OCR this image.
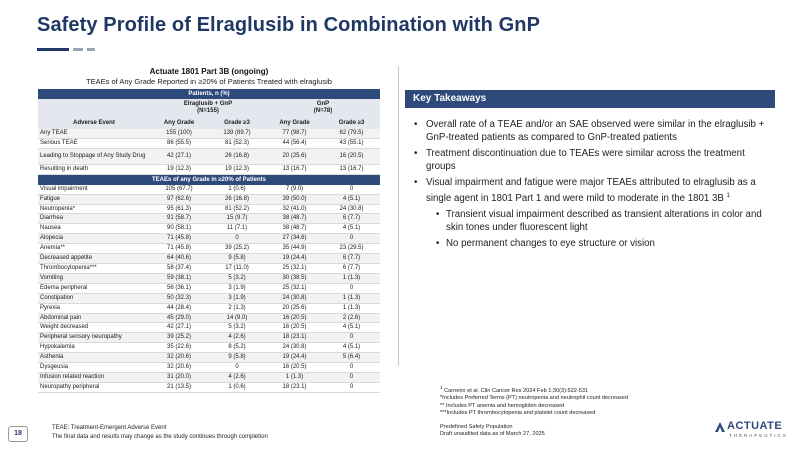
Safety Profile of Elraglusib in Combination with GnP
Actuate 1801 Part 3B (ongoing)
TEAEs of Any Grade Reported in ≥20% of Patients Treated with elraglusib
Patients, n (%)				
	Elraglusib + GnP
(N=155)		GnP
(N=78)	
Adverse Event	Any Grade	Grade ≥3	Any Grade	Grade ≥3
Any TEAE	155 (100)	139 (89.7)	77 (98.7)	62 (79.5)
Serious TEAE	86 (55.5)	81 (52.3)	44 (56.4)	43 (55.1)
Leading to Stoppage of Any Study Drug	42 (27.1)	26 (16.8)	20 (25.6)	16 (20.5)
Resulting in death	19 (12.3)	19 (12.3)	13 (16.7)	13 (16.7)
TEAEs of any Grade in ≥20% of Patients				
Visual impairment	105 (67.7)	1 (0.6)	7 (9.0)	0
Fatigue	97 (62.6)	26 (16.8)	39 (50.0)	4 (5.1)
Neutropenia*	95 (61.3)	81 (52.2)	32 (41.0)	24 (30.8)
Diarrhea	91 (58.7)	15 (9.7)	38 (48.7)	6 (7.7)
Nausea	90 (58.1)	11 (7.1)	38 (48.7)	4 (5.1)
Alopecia	71 (45.8)	0	27 (34.6)	0
Anemia**	71 (45.8)	39 (25.2)	35 (44.9)	23 (29.5)
Decreased appetite	64 (40.6)	9 (5.8)	19 (24.4)	6 (7.7)
Thrombocytopenia***	58 (37.4)	17 (11.0)	25 (32.1)	6 (7.7)
Vomiting	59 (38.1)	5 (3.2)	30 (38.5)	1 (1.3)
Edema peripheral	56 (36.1)	3 (1.9)	25 (32.1)	0
Constipation	50 (32.3)	3 (1.9)	24 (30.8)	1 (1.3)
Pyrexia	44 (28.4)	2 (1.3)	20 (25.6)	1 (1.3)
Abdominal pain	45 (29.0)	14 (9.0)	16 (20.5)	2 (2.6)
Weight decreased	42 (27.1)	5 (3.2)	16 (20.5)	4 (5.1)
Peripheral sensory neuropathy	39 (25.2)	4 (2.6)	18 (23.1)	0
Hypokalemia	35 (22.6)	8 (5.2)	24 (30.8)	4 (5.1)
Asthenia	32 (20.6)	9 (5.8)	19 (24.4)	5 (6.4)
Dysgeusia	32 (20.6)	0	16 (20.5)	0
Infusion related reaction	31 (20.0)	4 (2.6)	1 (1.3)	0
Neuropathy peripheral	21 (13.5)	1 (0.6)	18 (23.1)	0
TEAE: Treatment-Emergent Adverse Event
The final data and results may change as the study continues through completion
18
Key Takeaways
• Overall rate of a TEAE and/or an SAE observed were similar in the elraglusib + GnP-treated patients as compared to GnP-treated patients
• Treatment discontinuation due to TEAEs were similar across the treatment groups
• Visual impairment and fatigue were major TEAEs attributed to elraglusib as a single agent in 1801 Part 1 and were mild to moderate in the 1801 3B $^1$
• Transient visual impairment described as transient alterations in color and skin tones under fluorescent light
• No permanent changes to eye structure or vision
$^1$ Carneiro et al. Clin Cancer Res 2024 Feb 1;30(3):522-531
*Includes Preferred Terms (PT) neutropenia and neutrophil count decreased
** Includes PT anemia and hemoglobin decreased
***Includes PT thrombocytopenia and platelet count decreased
Predefined Safety Population
Draft unaudited data as of March 27, 2025
ACTUATE
THERAPEUTICS
